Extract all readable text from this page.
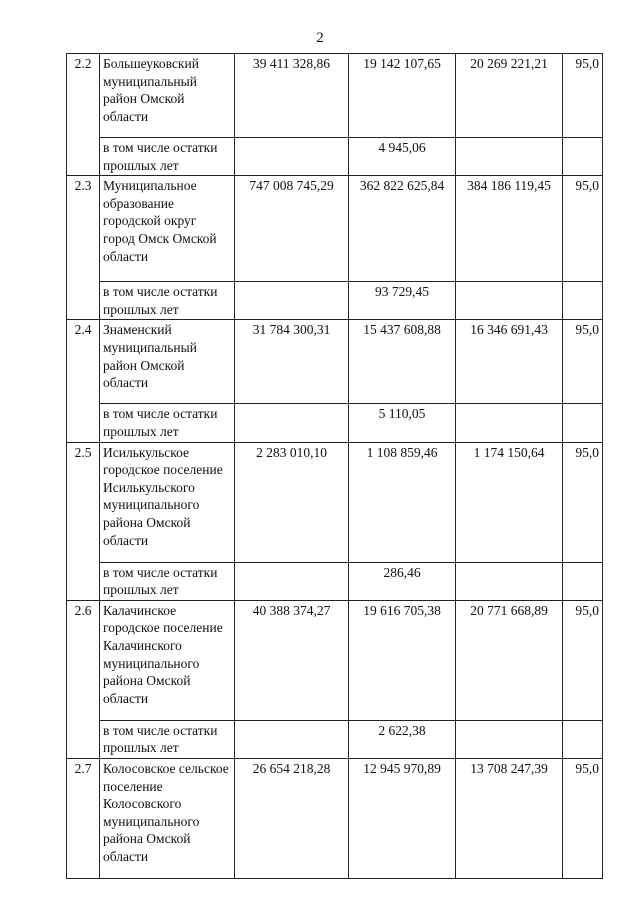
2
2.2	Большеуковский муниципальный район Омской области	39 411 328,86	19 142 107,65	20 269 221,21	95,0
	в том числе остатки прошлых лет		4 945,06		
2.3	Муниципальное образование городской округ город Омск Омской области	747 008 745,29	362 822 625,84	384 186 119,45	95,0
	в том числе остатки прошлых лет		93 729,45		
2.4	Знаменский муниципальный район Омской области	31 784 300,31	15 437 608,88	16 346 691,43	95,0
	в том числе остатки прошлых лет		5 110,05		
2.5	Исилькульское городское поселение Исилькульского муниципального района Омской области	2 283 010,10	1 108 859,46	1 174 150,64	95,0
	в том числе остатки прошлых лет		286,46		
2.6	Калачинское городское поселение Калачинского муниципального района Омской области	40 388 374,27	19 616 705,38	20 771 668,89	95,0
	в том числе остатки прошлых лет		2 622,38		
2.7	Колосовское сельское поселение Колосовского муниципального района Омской области	26 654 218,28	12 945 970,89	13 708 247,39	95,0
